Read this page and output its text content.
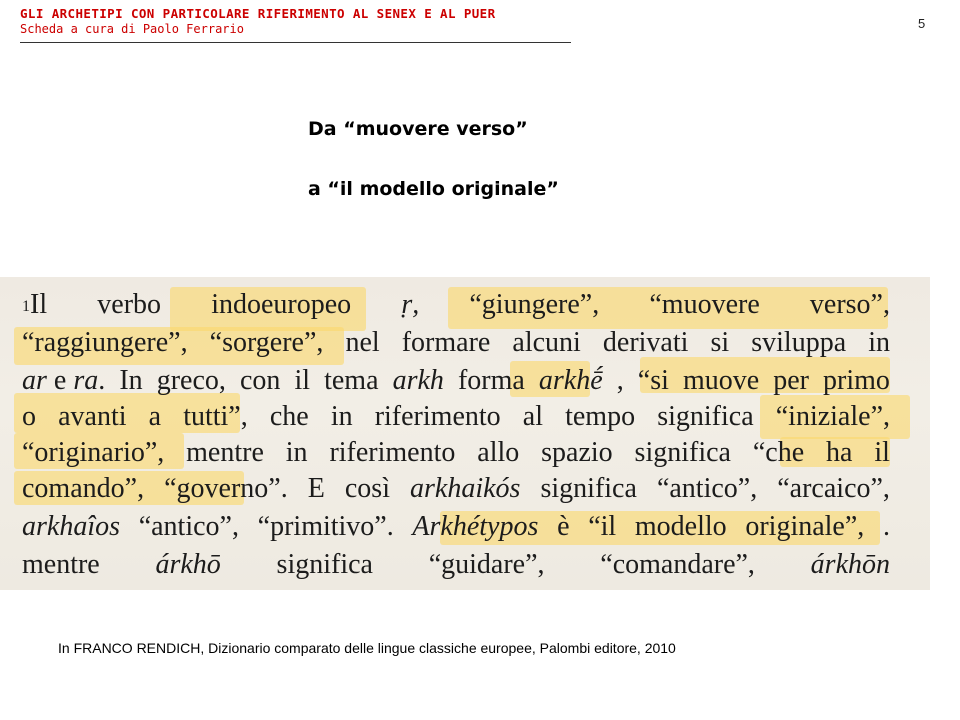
GLI ARCHETIPI CON PARTICOLARE RIFERIMENTO AL SENEX E AL PUER
Scheda a cura di Paolo Ferrario	5
Da “muovere verso”
a “il modello originale”
$^1$Il verbo indoeuropeo ṛ, “giungere”, “muovere verso”,
“raggiungere”, “sorgere”, nel formare alcuni derivati si sviluppa in
ar e ra. In greco, con il tema arkh forma arkhḗ , “si muove per primo
o avanti a tutti”, che in riferimento al tempo significa “iniziale”,
“originario”, mentre in riferimento allo spazio significa “che ha il
comando”, “governo”. E così arkhaikós significa “antico”, “arcaico”,
arkhaîos “antico”, “primitivo”. Arkhétypos è “il modello originale”, .
mentre árkhō significa “guidare”, “comandare”, árkhōn
In FRANCO RENDICH, Dizionario comparato delle lingue classiche europee, Palombi editore, 2010
